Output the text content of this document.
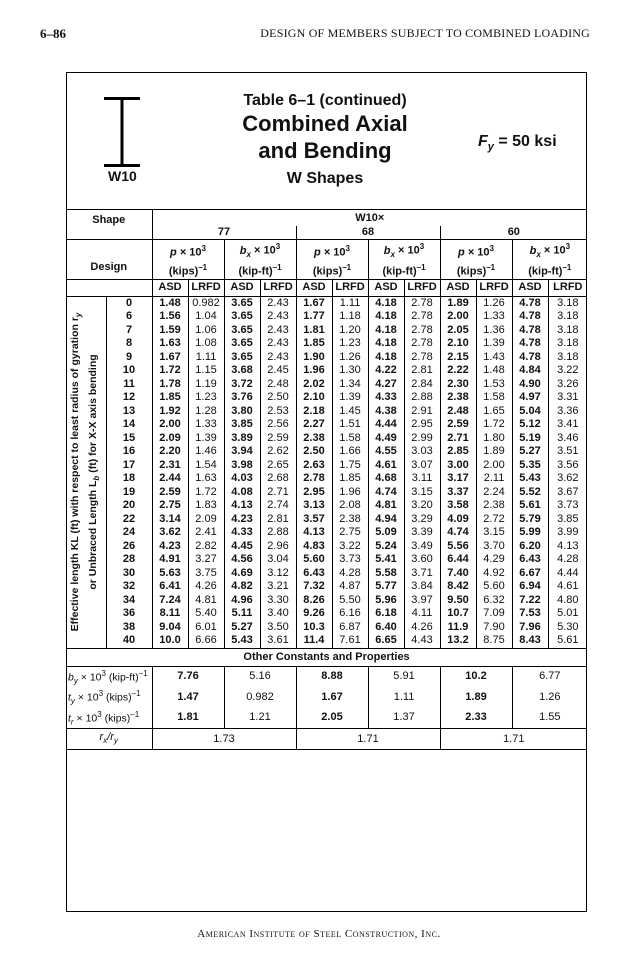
6–86	DESIGN OF MEMBERS SUBJECT TO COMBINED LOADING
W10
Table 6–1 (continued)
Combined Axial
and Bending
W Shapes
$F_y = 50$ ksi
Shape		W10×											
		77				68				60			
		$p \times 10^3$		$b_x \times 10^3$		$p \times 10^3$		$b_x \times 10^3$		$p \times 10^3$		$b_x \times 10^3$
Design		(kips)$^{-1}$		$(kip-ft)^{-1}$		(kips)$^{-1}$		$(kip-ft)^{-1}$		(kips)$^{-1}$		$(kip-ft)^{-1}$
		ASD	LRFD	ASD	LRFD	ASD	LRFD	ASD	LRFD	ASD	LRFD	ASD	LRFD

Effective length KL (ft) with respect to least radius of gyration $r_y$
or Unbraced Length $L_b$ (ft) for X-X axis bending	0	1.48	0.982	3.65	2.43	1.67	1.11	4.18	2.78	1.89	1.26	4.78	3.18
	6	1.56	1.04	3.65	2.43	1.77	1.18	4.18	2.78	2.00	1.33	4.78	3.18
	7	1.59	1.06	3.65	2.43	1.81	1.20	4.18	2.78	2.05	1.36	4.78	3.18
	8	1.63	1.08	3.65	2.43	1.85	1.23	4.18	2.78	2.10	1.39	4.78	3.18
	9	1.67	1.11	3.65	2.43	1.90	1.26	4.18	2.78	2.15	1.43	4.78	3.18
	10	1.72	1.15	3.68	2.45	1.96	1.30	4.22	2.81	2.22	1.48	4.84	3.22
	11	1.78	1.19	3.72	2.48	2.02	1.34	4.27	2.84	2.30	1.53	4.90	3.26
	12	1.85	1.23	3.76	2.50	2.10	1.39	4.33	2.88	2.38	1.58	4.97	3.31
	13	1.92	1.28	3.80	2.53	2.18	1.45	4.38	2.91	2.48	1.65	5.04	3.36
	14	2.00	1.33	3.85	2.56	2.27	1.51	4.44	2.95	2.59	1.72	5.12	3.41
	15	2.09	1.39	3.89	2.59	2.38	1.58	4.49	2.99	2.71	1.80	5.19	3.46
	16	2.20	1.46	3.94	2.62	2.50	1.66	4.55	3.03	2.85	1.89	5.27	3.51
	17	2.31	1.54	3.98	2.65	2.63	1.75	4.61	3.07	3.00	2.00	5.35	3.56
	18	2.44	1.63	4.03	2.68	2.78	1.85	4.68	3.11	3.17	2.11	5.43	3.62
	19	2.59	1.72	4.08	2.71	2.95	1.96	4.74	3.15	3.37	2.24	5.52	3.67
	20	2.75	1.83	4.13	2.74	3.13	2.08	4.81	3.20	3.58	2.38	5.61	3.73
	22	3.14	2.09	4.23	2.81	3.57	2.38	4.94	3.29	4.09	2.72	5.79	3.85
	24	3.62	2.41	4.33	2.88	4.13	2.75	5.09	3.39	4.74	3.15	5.99	3.99
	26	4.23	2.82	4.45	2.96	4.83	3.22	5.24	3.49	5.56	3.70	6.20	4.13
	28	4.91	3.27	4.56	3.04	5.60	3.73	5.41	3.60	6.44	4.29	6.43	4.28
	30	5.63	3.75	4.69	3.12	6.43	4.28	5.58	3.71	7.40	4.92	6.67	4.44
	32	6.41	4.26	4.82	3.21	7.32	4.87	5.77	3.84	8.42	5.60	6.94	4.61
	34	7.24	4.81	4.96	3.30	8.26	5.50	5.96	3.97	9.50	6.32	7.22	4.80
	36	8.11	5.40	5.11	3.40	9.26	6.16	6.18	4.11	10.7	7.09	7.53	5.01
	38	9.04	6.01	5.27	3.50	10.3	6.87	6.40	4.26	11.9	7.90	7.96	5.30
	40	10.0	6.66	5.43	3.61	11.4	7.61	6.65	4.43	13.2	8.75	8.43	5.61
Other Constants and Properties													
$b_y \times 10^3$ $(kip-ft)^{-1}$		7.76		5.16		8.88		5.91		10.2		6.77	
$t_y \times 10^3$ (kips)$^{-1}$		1.47		0.982		1.67		1.11		1.89		1.26	
$t_r \times 10^3$ (kips)$^{-1}$		1.81		1.21		2.05		1.37		2.33		1.55	
$r_x/r_y$		1.73				1.71				1.71			
American Institute of Steel Construction, Inc.
